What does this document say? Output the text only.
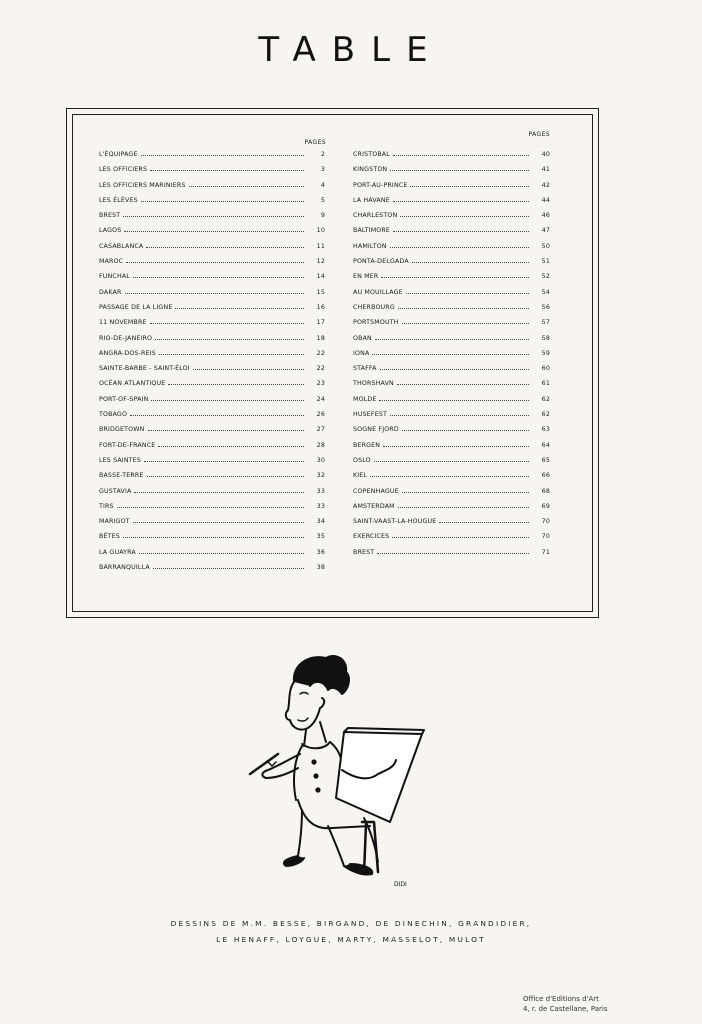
TABLE
PAGES
L'ÉQUIPAGE	2
LES OFFICIERS	3
LES OFFICIERS MARINIERS	4
LES ÉLÈVES	5
BREST	9
LAGOS	10
CASABLANCA	11
MAROC	12
FUNCHAL	14
DAKAR	15
PASSAGE DE LA LIGNE	16
11 NOVEMBRE	17
RIO-DE-JANEIRO	18
ANGRA-DOS-REIS	22
SAINTE-BARBE - SAINT-ÉLOI	22
OCÉAN ATLANTIQUE	23
PORT-OF-SPAIN	24
TOBAGO	26
BRIDGETOWN	27
FORT-DE-FRANCE	28
LES SAINTES	30
BASSE-TERRE	32
GUSTAVIA	33
TIRS	33
MARIGOT	34
BÊTES	35
LA GUAYRA	36
BARRANQUILLA	38
PAGES
CRISTOBAL	40
KINGSTON	41
PORT-AU-PRINCE	42
LA HAVANE	44
CHARLESTON	46
BALTIMORE	47
HAMILTON	50
PONTA-DELGADA	51
EN MER	52
AU MOUILLAGE	54
CHERBOURG	56
PORTSMOUTH	57
OBAN	58
IONA	59
STAFFA	60
THORSHAVN	61
MOLDE	62
HUSEFEST	62
SOGNE FJORD	63
BERGEN	64
OSLO	65
KIEL	66
COPENHAGUE	68
AMSTERDAM	69
SAINT-VAAST-LA-HOUGUE	70
EXERCICES	70
BREST	71
DIDI
DESSINS DE M.M. BESSE, BIRGAND, DE DINECHIN, GRANDIDIER,
LE HENAFF, LOYGUE, MARTY, MASSELOT, MULOT
Office d'Editions d'Art
4, r. de Castellane, Paris
